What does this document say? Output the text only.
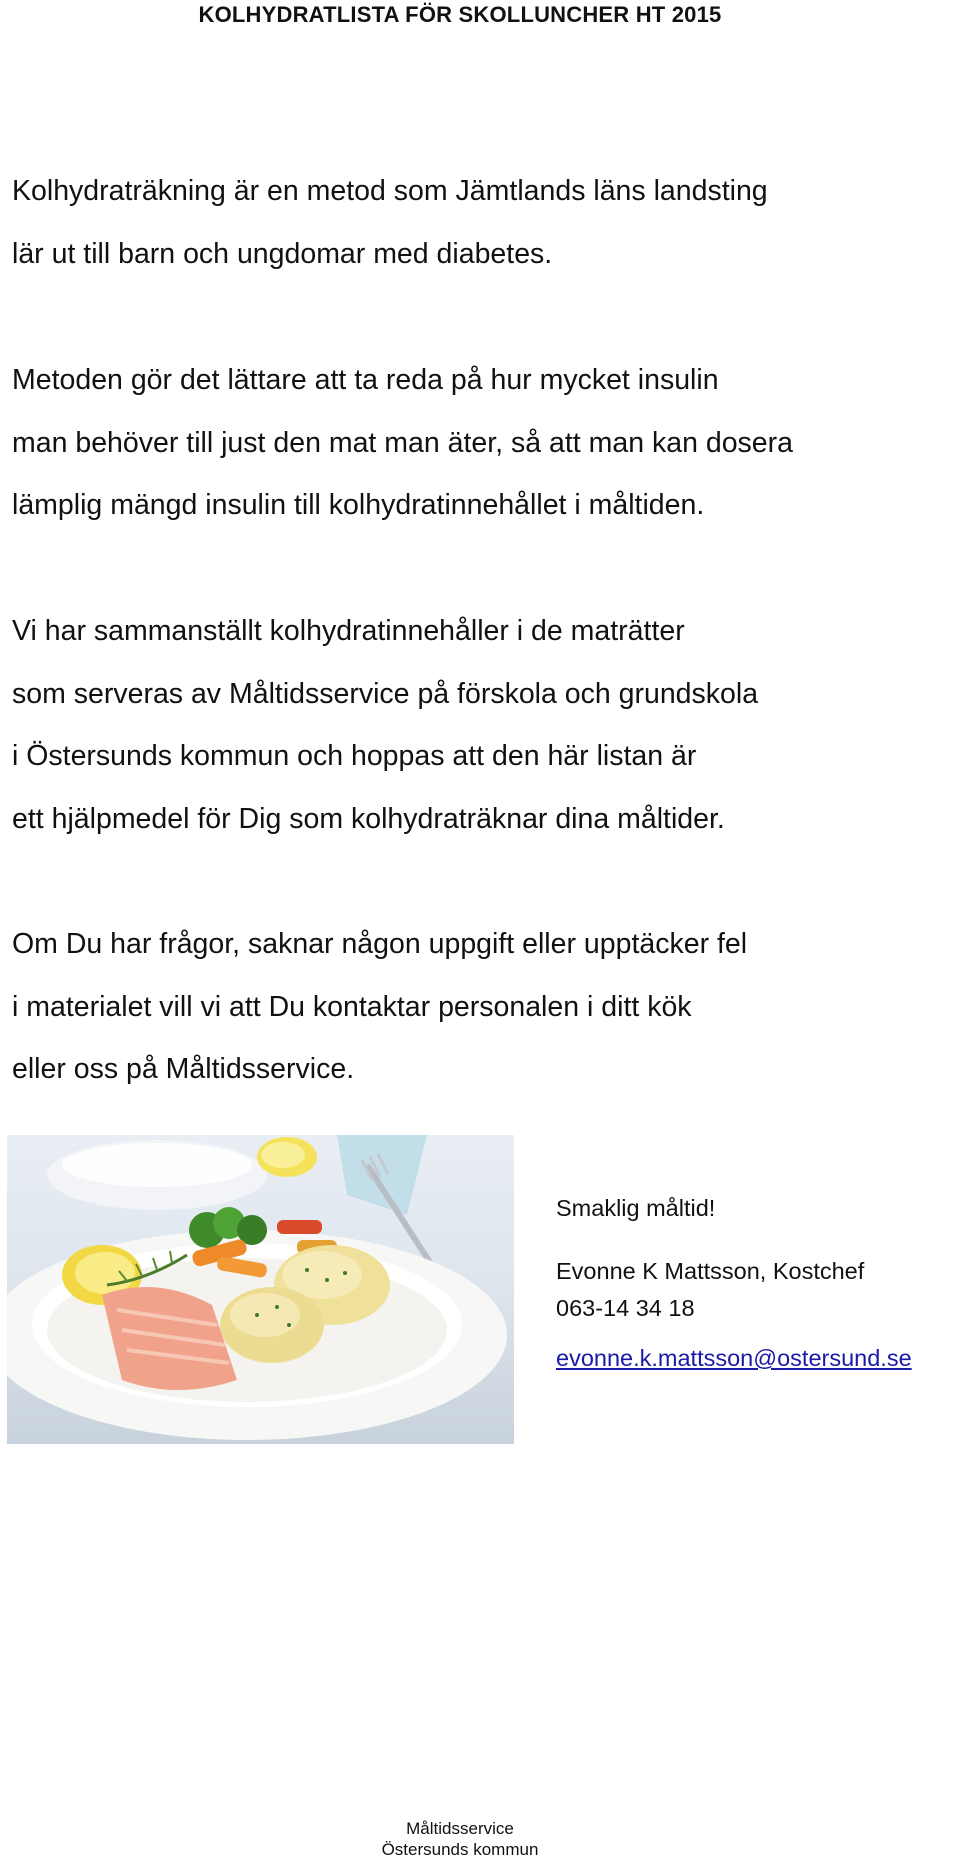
KOLHYDRATLISTA FÖR SKOLLUNCHER HT 2015
Kolhydraträkning är en metod som Jämtlands läns landsting
lär ut till barn och ungdomar med diabetes.
Metoden gör det lättare att ta reda på hur mycket insulin
man behöver till just den mat man äter, så att man kan dosera
lämplig mängd insulin till kolhydratinnehållet i måltiden.
Vi har sammanställt kolhydratinnehåller i de maträtter
som serveras av Måltidsservice på förskola och grundskola
i Östersunds kommun och hoppas att den här listan är
ett hjälpmedel för Dig som kolhydraträknar dina måltider.
Om Du har frågor, saknar någon uppgift eller upptäcker fel
i materialet vill vi att Du kontaktar personalen i ditt kök
eller oss på Måltidsservice.
Smaklig måltid!
Evonne K Mattsson, Kostchef
063-14 34 18
evonne.k.mattsson@ostersund.se
Måltidsservice
Östersunds kommun
